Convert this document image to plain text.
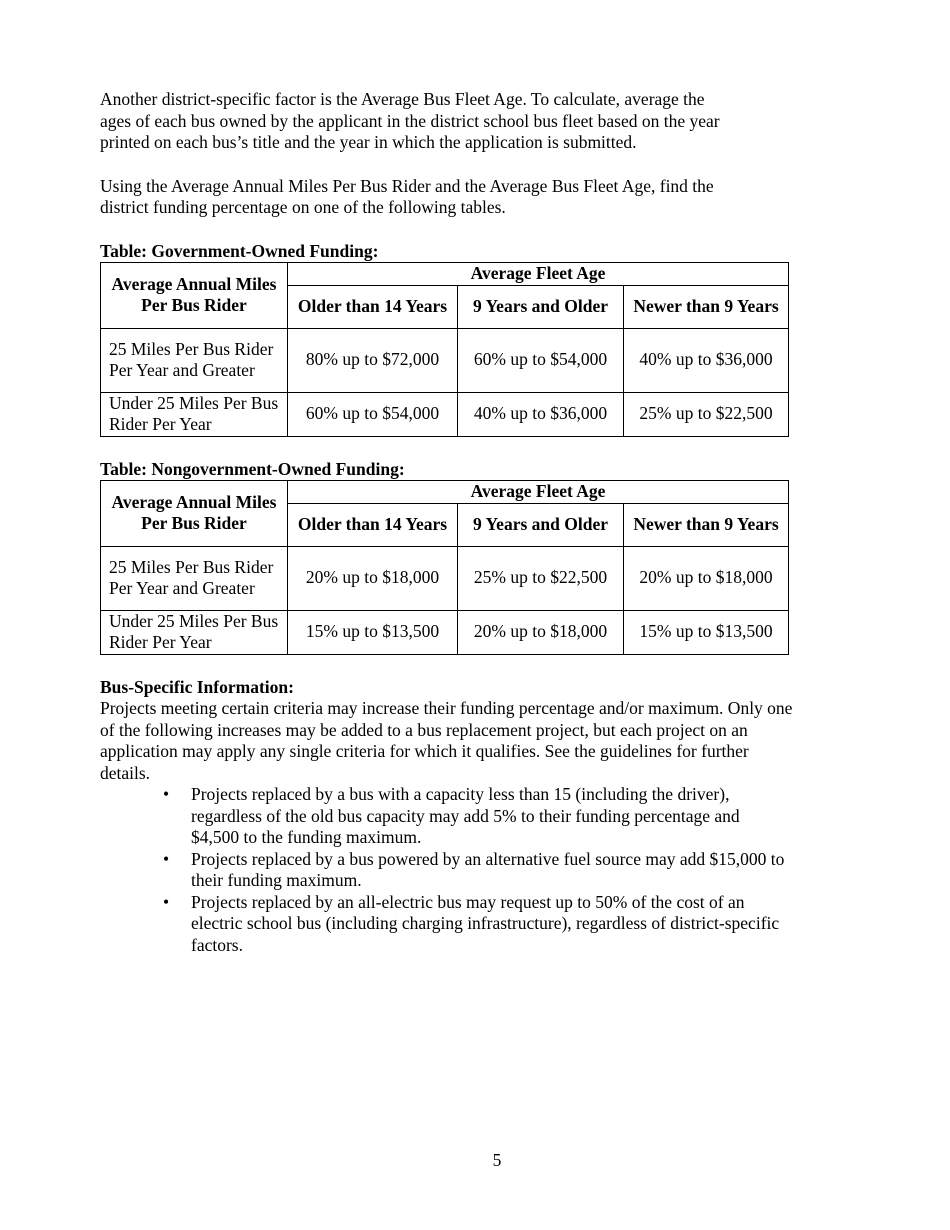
Another district-specific factor is the Average Bus Fleet Age. To calculate, average the ages of each bus owned by the applicant in the district school bus fleet based on the year printed on each bus’s title and the year in which the application is submitted.

Using the Average Annual Miles Per Bus Rider and the Average Bus Fleet Age, find the district funding percentage on one of the following tables.

Table: Government-Owned Funding:
Average Annual Miles Per Bus Rider	Average Fleet Age		
	Older than 14 Years	9 Years and Older	Newer than 9 Years
25 Miles Per Bus Rider Per Year and Greater	80% up to $72,000	60% up to $54,000	40% up to $36,000
Under 25 Miles Per Bus Rider Per Year	60% up to $54,000	40% up to $36,000	25% up to $22,500
Table: Nongovernment-Owned Funding:
Average Annual Miles Per Bus Rider	Average Fleet Age		
	Older than 14 Years	9 Years and Older	Newer than 9 Years
25 Miles Per Bus Rider Per Year and Greater	20% up to $18,000	25% up to $22,500	20% up to $18,000
Under 25 Miles Per Bus Rider Per Year	15% up to $13,500	20% up to $18,000	15% up to $13,500
Bus-Specific Information:

Projects meeting certain criteria may increase their funding percentage and/or maximum. Only one of the following increases may be added to a bus replacement project, but each project on an application may apply any single criteria for which it qualifies. See the guidelines for further details.

• Projects replaced by a bus with a capacity less than 15 (including the driver), regardless of the old bus capacity may add 5% to their funding percentage and $4,500 to the funding maximum.
• Projects replaced by a bus powered by an alternative fuel source may add $15,000 to their funding maximum.
• Projects replaced by an all-electric bus may request up to 50% of the cost of an electric school bus (including charging infrastructure), regardless of district-specific factors.
5
